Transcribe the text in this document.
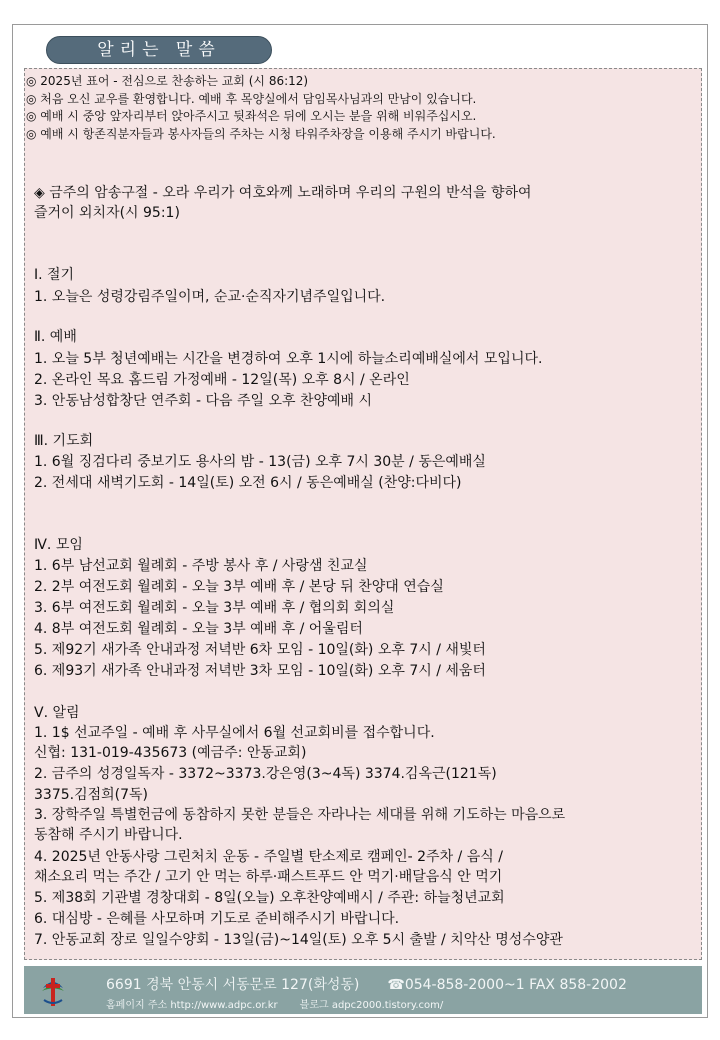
알리는 말씀
◎ 2025년 표어 - 전심으로 찬송하는 교회 (시 86:12)
◎ 처음 오신 교우를 환영합니다. 예배 후 목양실에서 담임목사님과의 만남이 있습니다.
◎ 예배 시 중앙 앞자리부터 앉아주시고 뒷좌석은 뒤에 오시는 분을 위해 비워주십시오.
◎ 예배 시 항존직분자들과 봉사자들의 주차는 시청 타워주차장을 이용해 주시기 바랍니다.
◈ 금주의 암송구절 - 오라 우리가 여호와께 노래하며 우리의 구원의 반석을 향하여
즐거이 외치자(시 95:1)
Ⅰ. 절기
1. 오늘은 성령강림주일이며, 순교·순직자기념주일입니다.
Ⅱ. 예배
1. 오늘 5부 청년예배는 시간을 변경하여 오후 1시에 하늘소리예배실에서 모입니다.
2. 온라인 목요 홈드림 가정예배 - 12일(목) 오후 8시 / 온라인
3. 안동남성합창단 연주회 - 다음 주일 오후 찬양예배 시
Ⅲ. 기도회
1. 6월 징검다리 중보기도 용사의 밤 - 13(금) 오후 7시 30분 / 동은예배실
2. 전세대 새벽기도회 - 14일(토) 오전 6시 / 동은예배실 (찬양:다비다)
Ⅳ. 모임
1. 6부 남선교회 월례회 - 주방 봉사 후 / 사랑샘 친교실
2. 2부 여전도회 월례회 - 오늘 3부 예배 후 / 본당 뒤 찬양대 연습실
3. 6부 여전도회 월례회 - 오늘 3부 예배 후 / 협의회 회의실
4. 8부 여전도회 월례회 - 오늘 3부 예배 후 / 어울림터
5. 제92기 새가족 안내과정 저녁반 6차 모임 - 10일(화) 오후 7시 / 새빛터
6. 제93기 새가족 안내과정 저녁반 3차 모임 - 10일(화) 오후 7시 / 세움터
Ⅴ. 알림
1. 1$ 선교주일 - 예배 후 사무실에서 6월 선교회비를 접수합니다.
신협: 131-019-435673 (예금주: 안동교회)
2. 금주의 성경일독자 - 3372~3373.강은영(3~4독) 3374.김옥근(121독)
3375.김점희(7독)
3. 장학주일 특별헌금에 동참하지 못한 분들은 자라나는 세대를 위해 기도하는 마음으로
동참해 주시기 바랍니다.
4. 2025년 안동사랑 그린처치 운동 - 주일별 탄소제로 캠페인- 2주차 / 음식 /
채소요리 먹는 주간 / 고기 안 먹는 하루·패스트푸드 안 먹기·배달음식 안 먹기
5. 제38회 기관별 경창대회 - 8일(오늘) 오후찬양예배시 / 주관: 하늘청년교회
6. 대심방 - 은혜를 사모하며 기도로 준비해주시기 바랍니다.
7. 안동교회 장로 일일수양회 - 13일(금)~14일(토) 오후 5시 출발 / 치악산 명성수양관
6691 경북 안동시 서동문로 127(화성동) ☎054-858-2000~1 FAX 858-2002
홈페이지 주소 http://www.adpc.or.kr 블로그 adpc2000.tistory.com/
